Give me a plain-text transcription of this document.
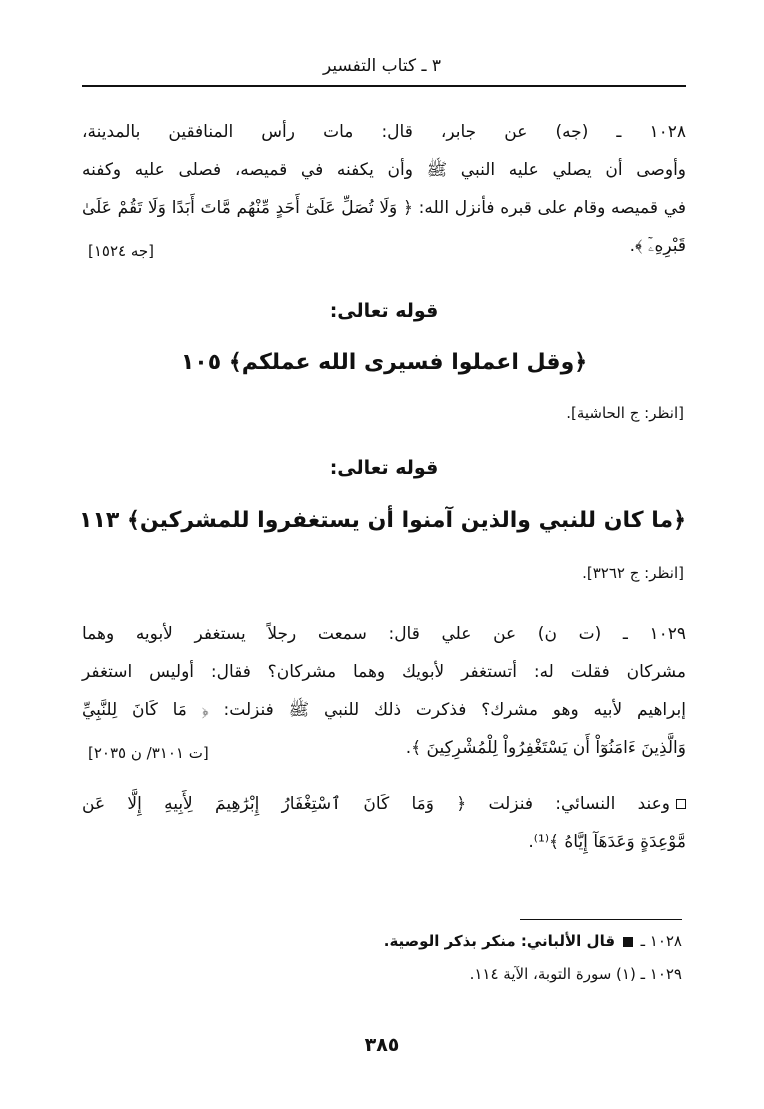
٣ ـ كتاب التفسير

١٠٢٨ ـ (جه) عن جابر، قال: مات رأس المنافقين بالمدينة،

وأوصى أن يصلي عليه النبي ﷺ وأن يكفنه في قميصه، فصلى عليه وكفنه

في قميصه وقام على قبره فأنزل الله: ﴿ وَلَا تُصَلِّ عَلَىٰٓ أَحَدٍ مِّنْهُم مَّاتَ أَبَدًا وَلَا تَقُمْ عَلَىٰ

قَبْرِهِۦٓ ﴾.

[جه ١٥٢٤]
قوله تعالى:
﴿وقل اعملوا فسيرى الله عملكم﴾ ١٠٥
[انظر: ج الحاشية].
قوله تعالى:
﴿ما كان للنبي والذين آمنوا أن يستغفروا للمشركين﴾ ١١٣
[انظر: ج ٣٢٦٢].

١٠٢٩ ـ (ت ن) عن علي قال: سمعت رجلاً يستغفر لأبويه وهما

مشركان فقلت له: أتستغفر لأبويك وهما مشركان؟ فقال: أوليس استغفر

إبراهيم لأبيه وهو مشرك؟ فذكرت ذلك للنبي ﷺ فنزلت: ﴿ مَا كَانَ لِلنَّبِيِّ

وَالَّذِينَ ءَامَنُوٓاْ أَن يَسْتَغْفِرُواْ لِلْمُشْرِكِينَ ﴾.

[ت ٣١٠١/ ن ٢٠٣٥]

وعند النسائي: فنزلت ﴿ وَمَا كَانَ ٱسْتِغْفَارُ إِبْرَٰهِيمَ لِأَبِيهِ إِلَّا عَن

مَّوْعِدَةٍ وَعَدَهَآ إِيَّاهُ ﴾⁽¹⁾.

١٠٢٨ ـ  قال الألباني: منكر بذكر الوصية.
١٠٢٩ ـ (١) سورة التوبة، الآية ١١٤.
٣٨٥
